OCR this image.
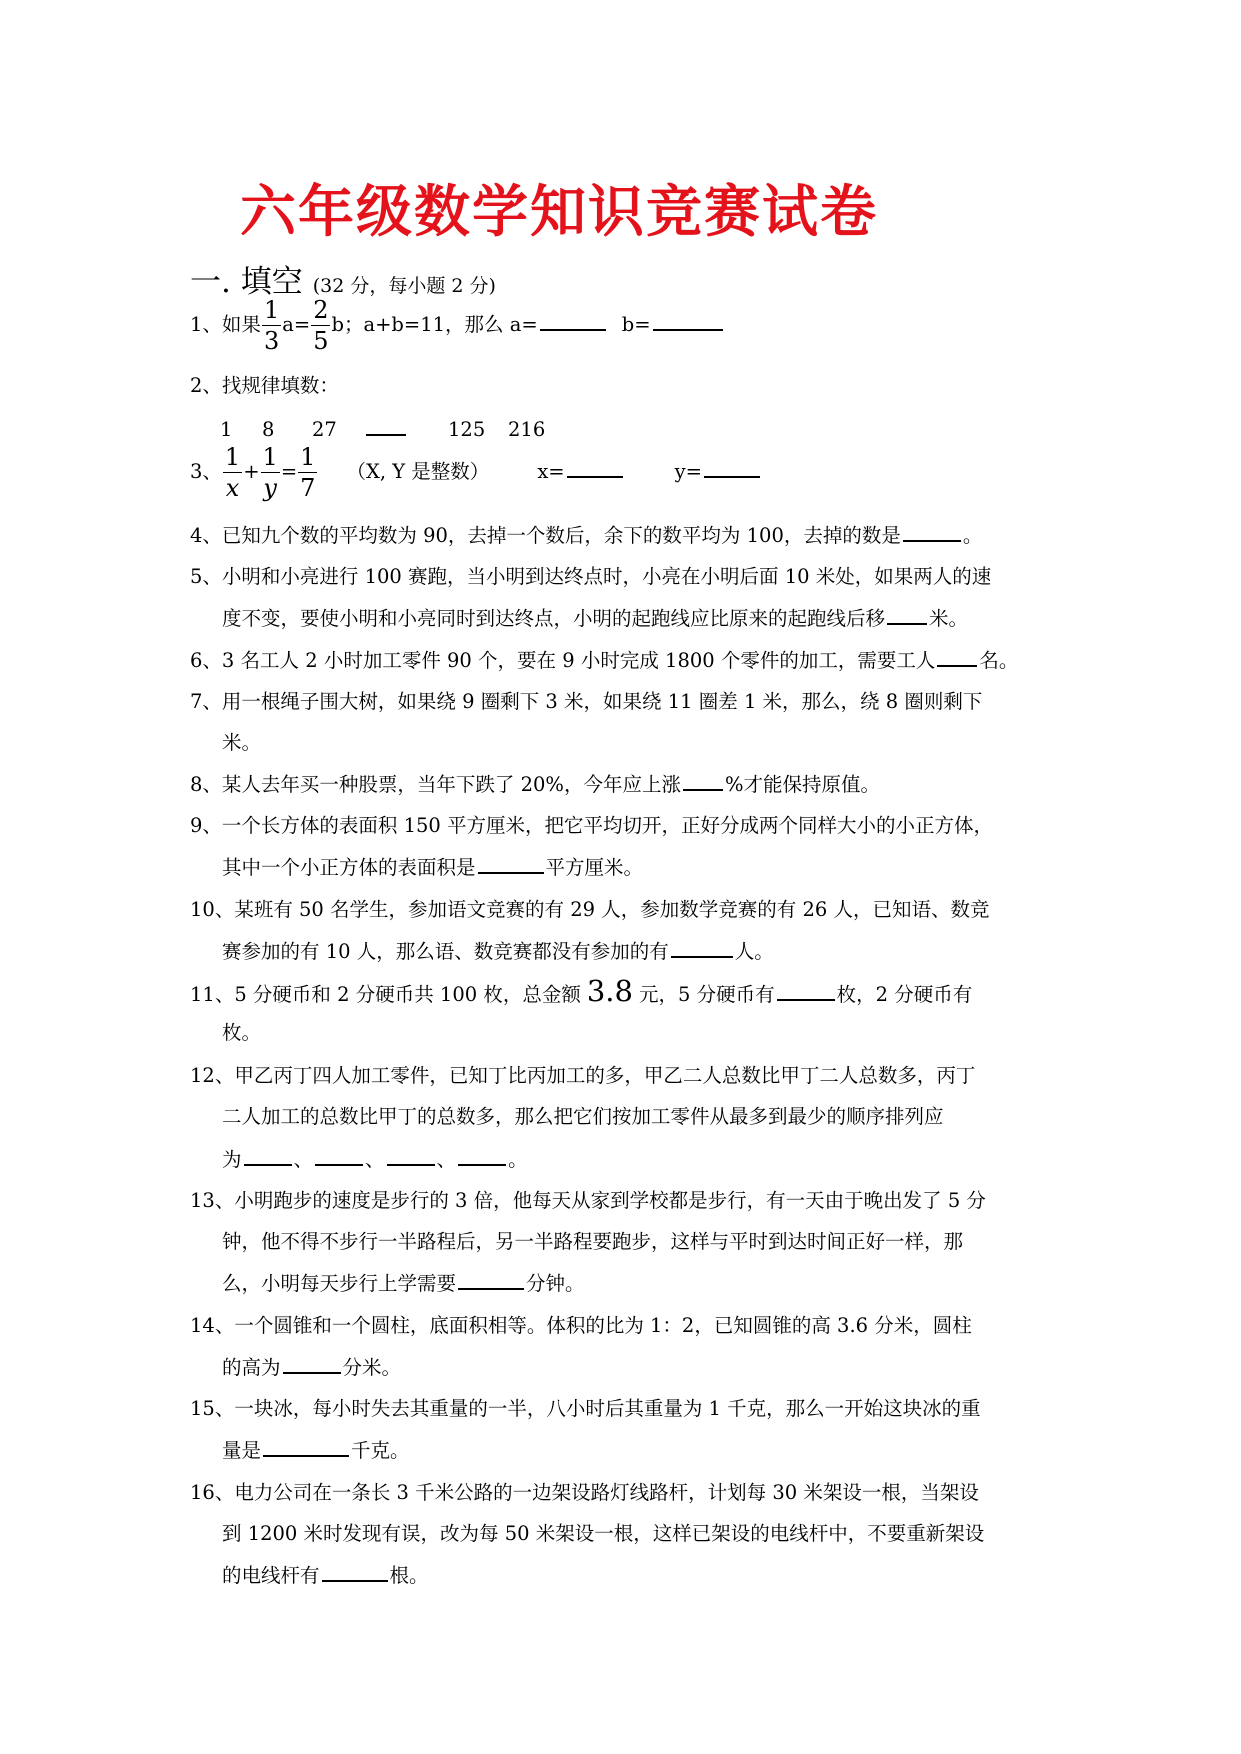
六年级数学知识竞赛试卷
一. 填空 (32 分，每小题 2 分)
1、如果 $\frac{1}{3} a= \frac{2}{5}$ b；a+b=11，那么 a=	b=
2、找规律填数：
1 8 27	125 216
3、 $\frac{1}{x} + \frac{1}{y} = \frac{1}{7} (X$, Y 是整数） x=	y=
4、已知九个数的平均数为 90，去掉一个数后，余下的数平均为 100，去掉的数是	。
5、小明和小亮进行 100 赛跑，当小明到达终点时，小亮在小明后面 10 米处，如果两人的速
度不变，要使小明和小亮同时到达终点，小明的起跑线应比原来的起跑线后移 米。
6、3 名工人 2 小时加工零件 90 个，要在 9 小时完成 1800 个零件的加工，需要工人 名。
7、用一根绳子围大树，如果绕 9 圈剩下 3 米，如果绕 11 圈差 1 米，那么，绕 8 圈则剩下
米。
8、某人去年买一种股票，当年下跌了 20%，今年应上涨 %才能保持原值。
9、一个长方体的表面积 150 平方厘米，把它平均切开，正好分成两个同样大小的小正方体，
其中一个小正方体的表面积是	平方厘米。
10、某班有 50 名学生，参加语文竞赛的有 29 人，参加数学竞赛的有 26 人，已知语、数竞
赛参加的有 10 人，那么语、数竞赛都没有参加的有	人。
11、5 分硬币和 2 分硬币共 100 枚，总金额 3.8 元，5 分硬币有	枚，2 分硬币有
枚。
12、甲乙丙丁四人加工零件，已知丁比丙加工的多，甲乙二人总数比甲丁二人总数多，丙丁
二人加工的总数比甲丁的总数多，那么把它们按加工零件从最多到最少的顺序排列应
为	、	、	、	。
13、小明跑步的速度是步行的 3 倍，他每天从家到学校都是步行，有一天由于晚出发了 5 分
钟，他不得不步行一半路程后，另一半路程要跑步，这样与平时到达时间正好一样，那
么，小明每天步行上学需要	分钟。
14、一个圆锥和一个圆柱，底面积相等。体积的比为 1：2，已知圆锥的高 3.6 分米，圆柱
的高为	分米。
15、一块冰，每小时失去其重量的一半，八小时后其重量为 1 千克，那么一开始这块冰的重
量是	千克。
16、电力公司在一条长 3 千米公路的一边架设路灯线路杆，计划每 30 米架设一根，当架设
到 1200 米时发现有误，改为每 50 米架设一根，这样已架设的电线杆中，不要重新架设
的电线杆有	根。
